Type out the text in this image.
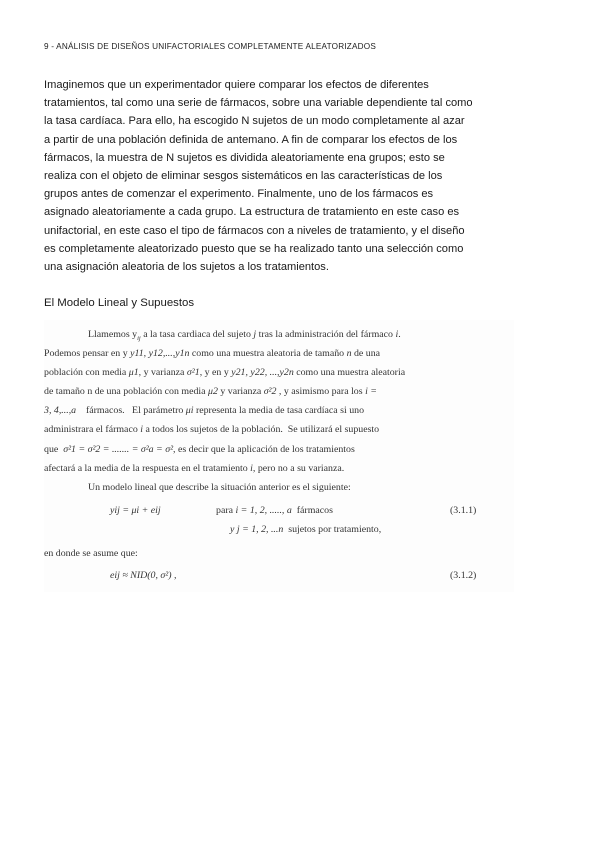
9 - ANÁLISIS DE DISEÑOS UNIFACTORIALES COMPLETAMENTE ALEATORIZADOS
Imaginemos que un experimentador quiere comparar los efectos de diferentes
tratamientos, tal como una serie de fármacos, sobre una variable dependiente tal como
la tasa cardíaca. Para ello, ha escogido N sujetos de un modo completamente al azar
a partir de una población definida de antemano. A fin de comparar los efectos de los
fármacos, la muestra de N sujetos es dividida aleatoriamente ena grupos; esto se
realiza con el objeto de eliminar sesgos sistemáticos en las características de los
grupos antes de comenzar el experimento. Finalmente, uno de los fármacos es
asignado aleatoriamente a cada grupo. La estructura de tratamiento en este caso es
unifactorial, en este caso el tipo de fármacos con a niveles de tratamiento, y el diseño
es completamente aleatorizado puesto que se ha realizado tanto una selección como
una asignación aleatoria de los sujetos a los tratamientos.
El Modelo Lineal y Supuestos
Llamemos $y_{ij}$ a la tasa cardiaca del sujeto j tras la administración del fármaco i.
Podemos pensar en y y11, y12,...,y1n como una muestra aleatoria de tamaño n de una
población con media μ1, y varianza σ²1, y en y y21, y22, ...,y2n como una muestra aleatoria
de tamaño n de una población con media μ2 y varianza σ²2 , y asimismo para los i =
3, 4,...,a fármacos. El parámetro μi representa la media de tasa cardíaca si uno
administrara el fármaco i a todos los sujetos de la población. Se utilizará el supuesto
que σ²1 = σ²2 = ....... = σ²a = σ², es decir que la aplicación de los tratamientos
afectará a la media de la respuesta en el tratamiento i, pero no a su varianza.
Un modelo lineal que describe la situación anterior es el siguiente:
yij = μi + eij	para i = 1, 2, ....., a fármacos	(3.1.1)
y j = 1, 2, ...n sujetos por tratamiento,
en donde se asume que:
eij ≈ NID(0, σ²) ,	(3.1.2)
